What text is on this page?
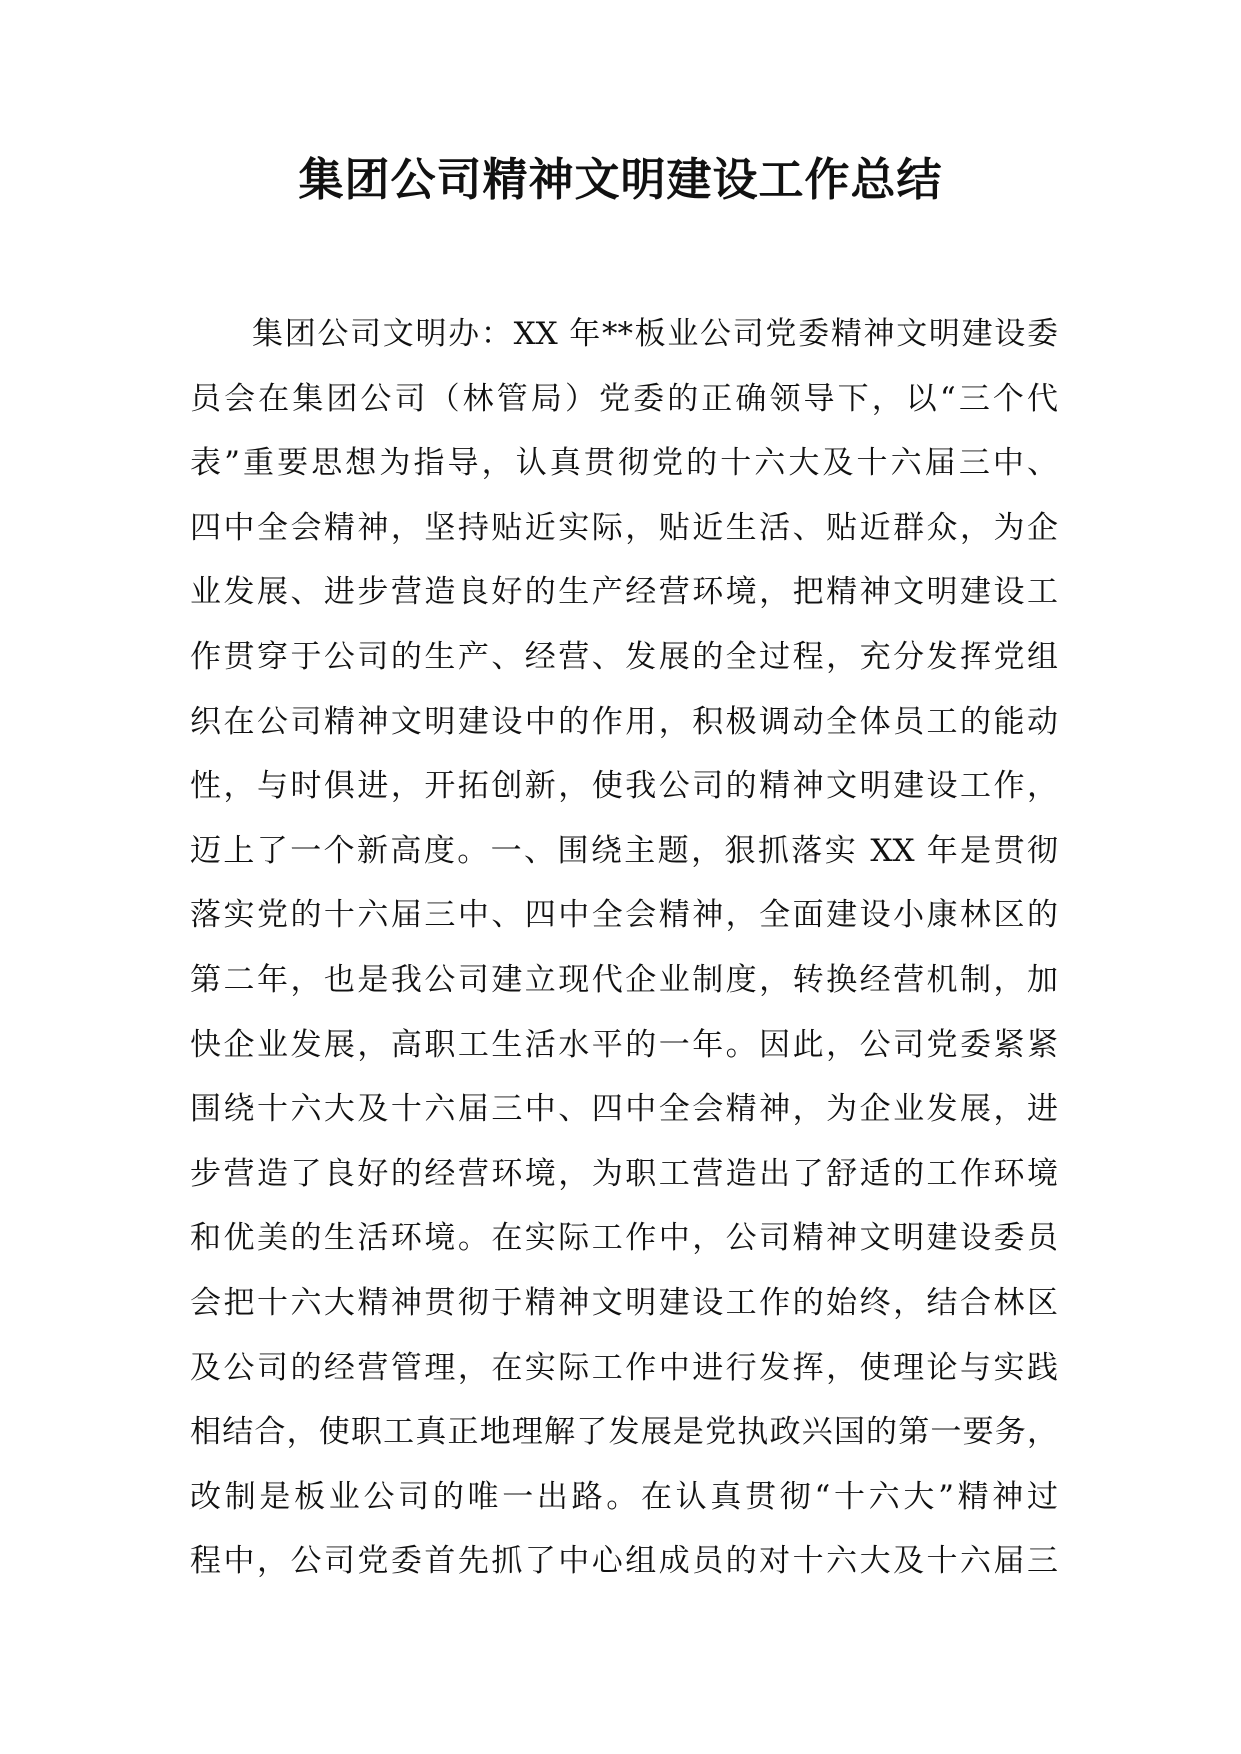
集团公司精神文明建设工作总结
集团公司文明办：XX 年**板业公司党委精神文明建设委
员会在集团公司（林管局）党委的正确领导下，以“三个代
表”重要思想为指导，认真贯彻党的十六大及十六届三中、
四中全会精神，坚持贴近实际，贴近生活、贴近群众，为企
业发展、进步营造良好的生产经营环境，把精神文明建设工
作贯穿于公司的生产、经营、发展的全过程，充分发挥党组
织在公司精神文明建设中的作用，积极调动全体员工的能动
性，与时俱进，开拓创新，使我公司的精神文明建设工作，
迈上了一个新高度。一、围绕主题，狠抓落实 XX 年是贯彻
落实党的十六届三中、四中全会精神，全面建设小康林区的
第二年，也是我公司建立现代企业制度，转换经营机制，加
快企业发展，高职工生活水平的一年。因此，公司党委紧紧
围绕十六大及十六届三中、四中全会精神，为企业发展，进
步营造了良好的经营环境，为职工营造出了舒适的工作环境
和优美的生活环境。在实际工作中，公司精神文明建设委员
会把十六大精神贯彻于精神文明建设工作的始终，结合林区
及公司的经营管理，在实际工作中进行发挥，使理论与实践
相结合，使职工真正地理解了发展是党执政兴国的第一要务，
改制是板业公司的唯一出路。在认真贯彻“十六大”精神过
程中，公司党委首先抓了中心组成员的对十六大及十六届三
